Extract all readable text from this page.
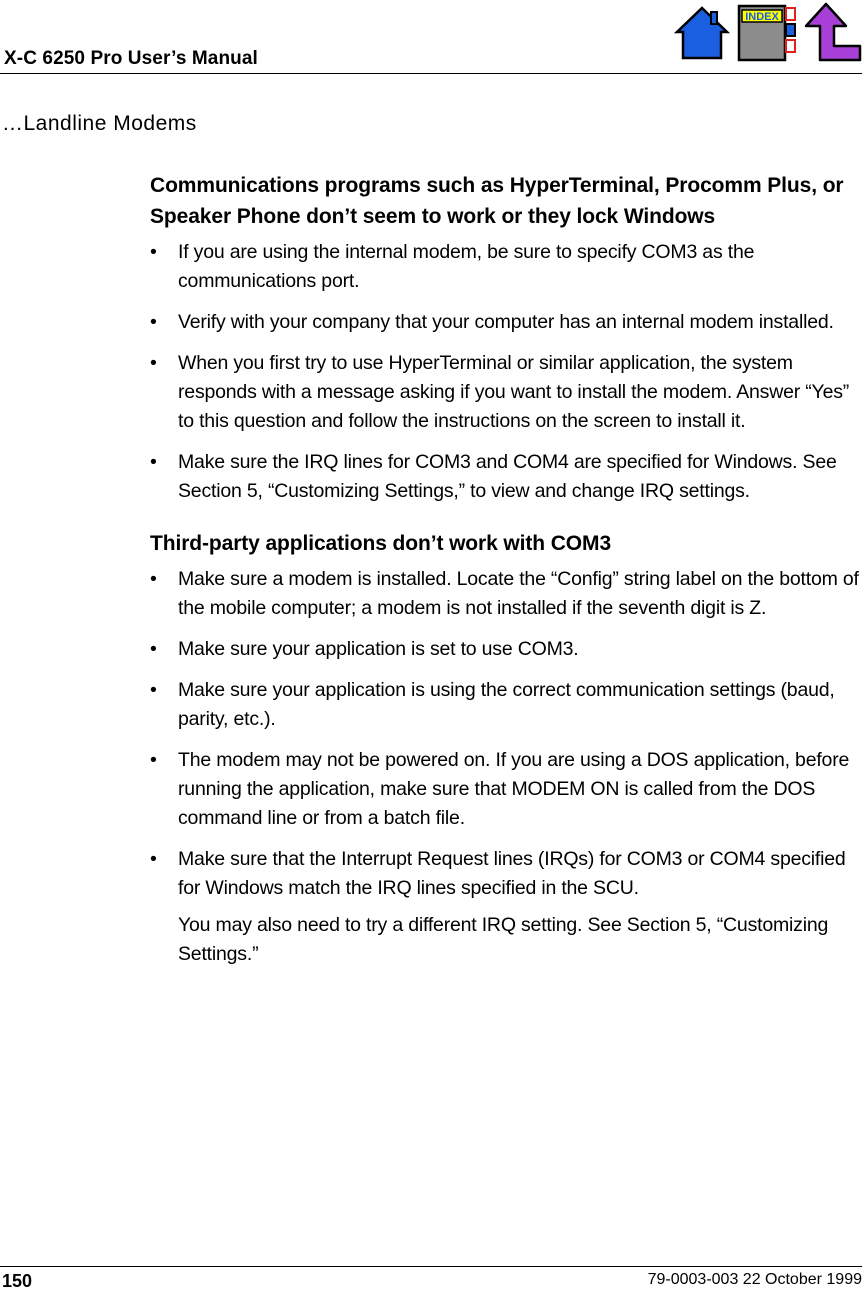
X-C 6250 Pro User’s Manual
INDEX
…Landline Modems
Communications programs such as HyperTerminal, Procomm Plus, or Speaker Phone don’t seem to work or they lock Windows
•	If you are using the internal modem, be sure to specify COM3 as the communications port.
•	Verify with your company that your computer has an internal modem installed.
•	When you first try to use HyperTerminal or similar application, the system responds with a message asking if you want to install the modem. Answer “Yes” to this question and follow the instructions on the screen to install it.
•	Make sure the IRQ lines for COM3 and COM4 are specified for Windows. See Section 5, “Customizing Settings,” to view and change IRQ settings.
Third-party applications don’t work with COM3
•	Make sure a modem is installed. Locate the “Config” string label on the bottom of the mobile computer; a modem is not installed if the seventh digit is Z.
•	Make sure your application is set to use COM3.
•	Make sure your application is using the correct communication settings (baud, parity, etc.).
•	The modem may not be powered on. If you are using a DOS application, before running the application, make sure that MODEM ON is called from the DOS command line or from a batch file.
•	Make sure that the Interrupt Request lines (IRQs) for COM3 or COM4 specified for Windows match the IRQ lines specified in the SCU.
You may also need to try a different IRQ setting. See Section 5, “Customizing Settings.”
150	79-0003-003 22 October 1999
